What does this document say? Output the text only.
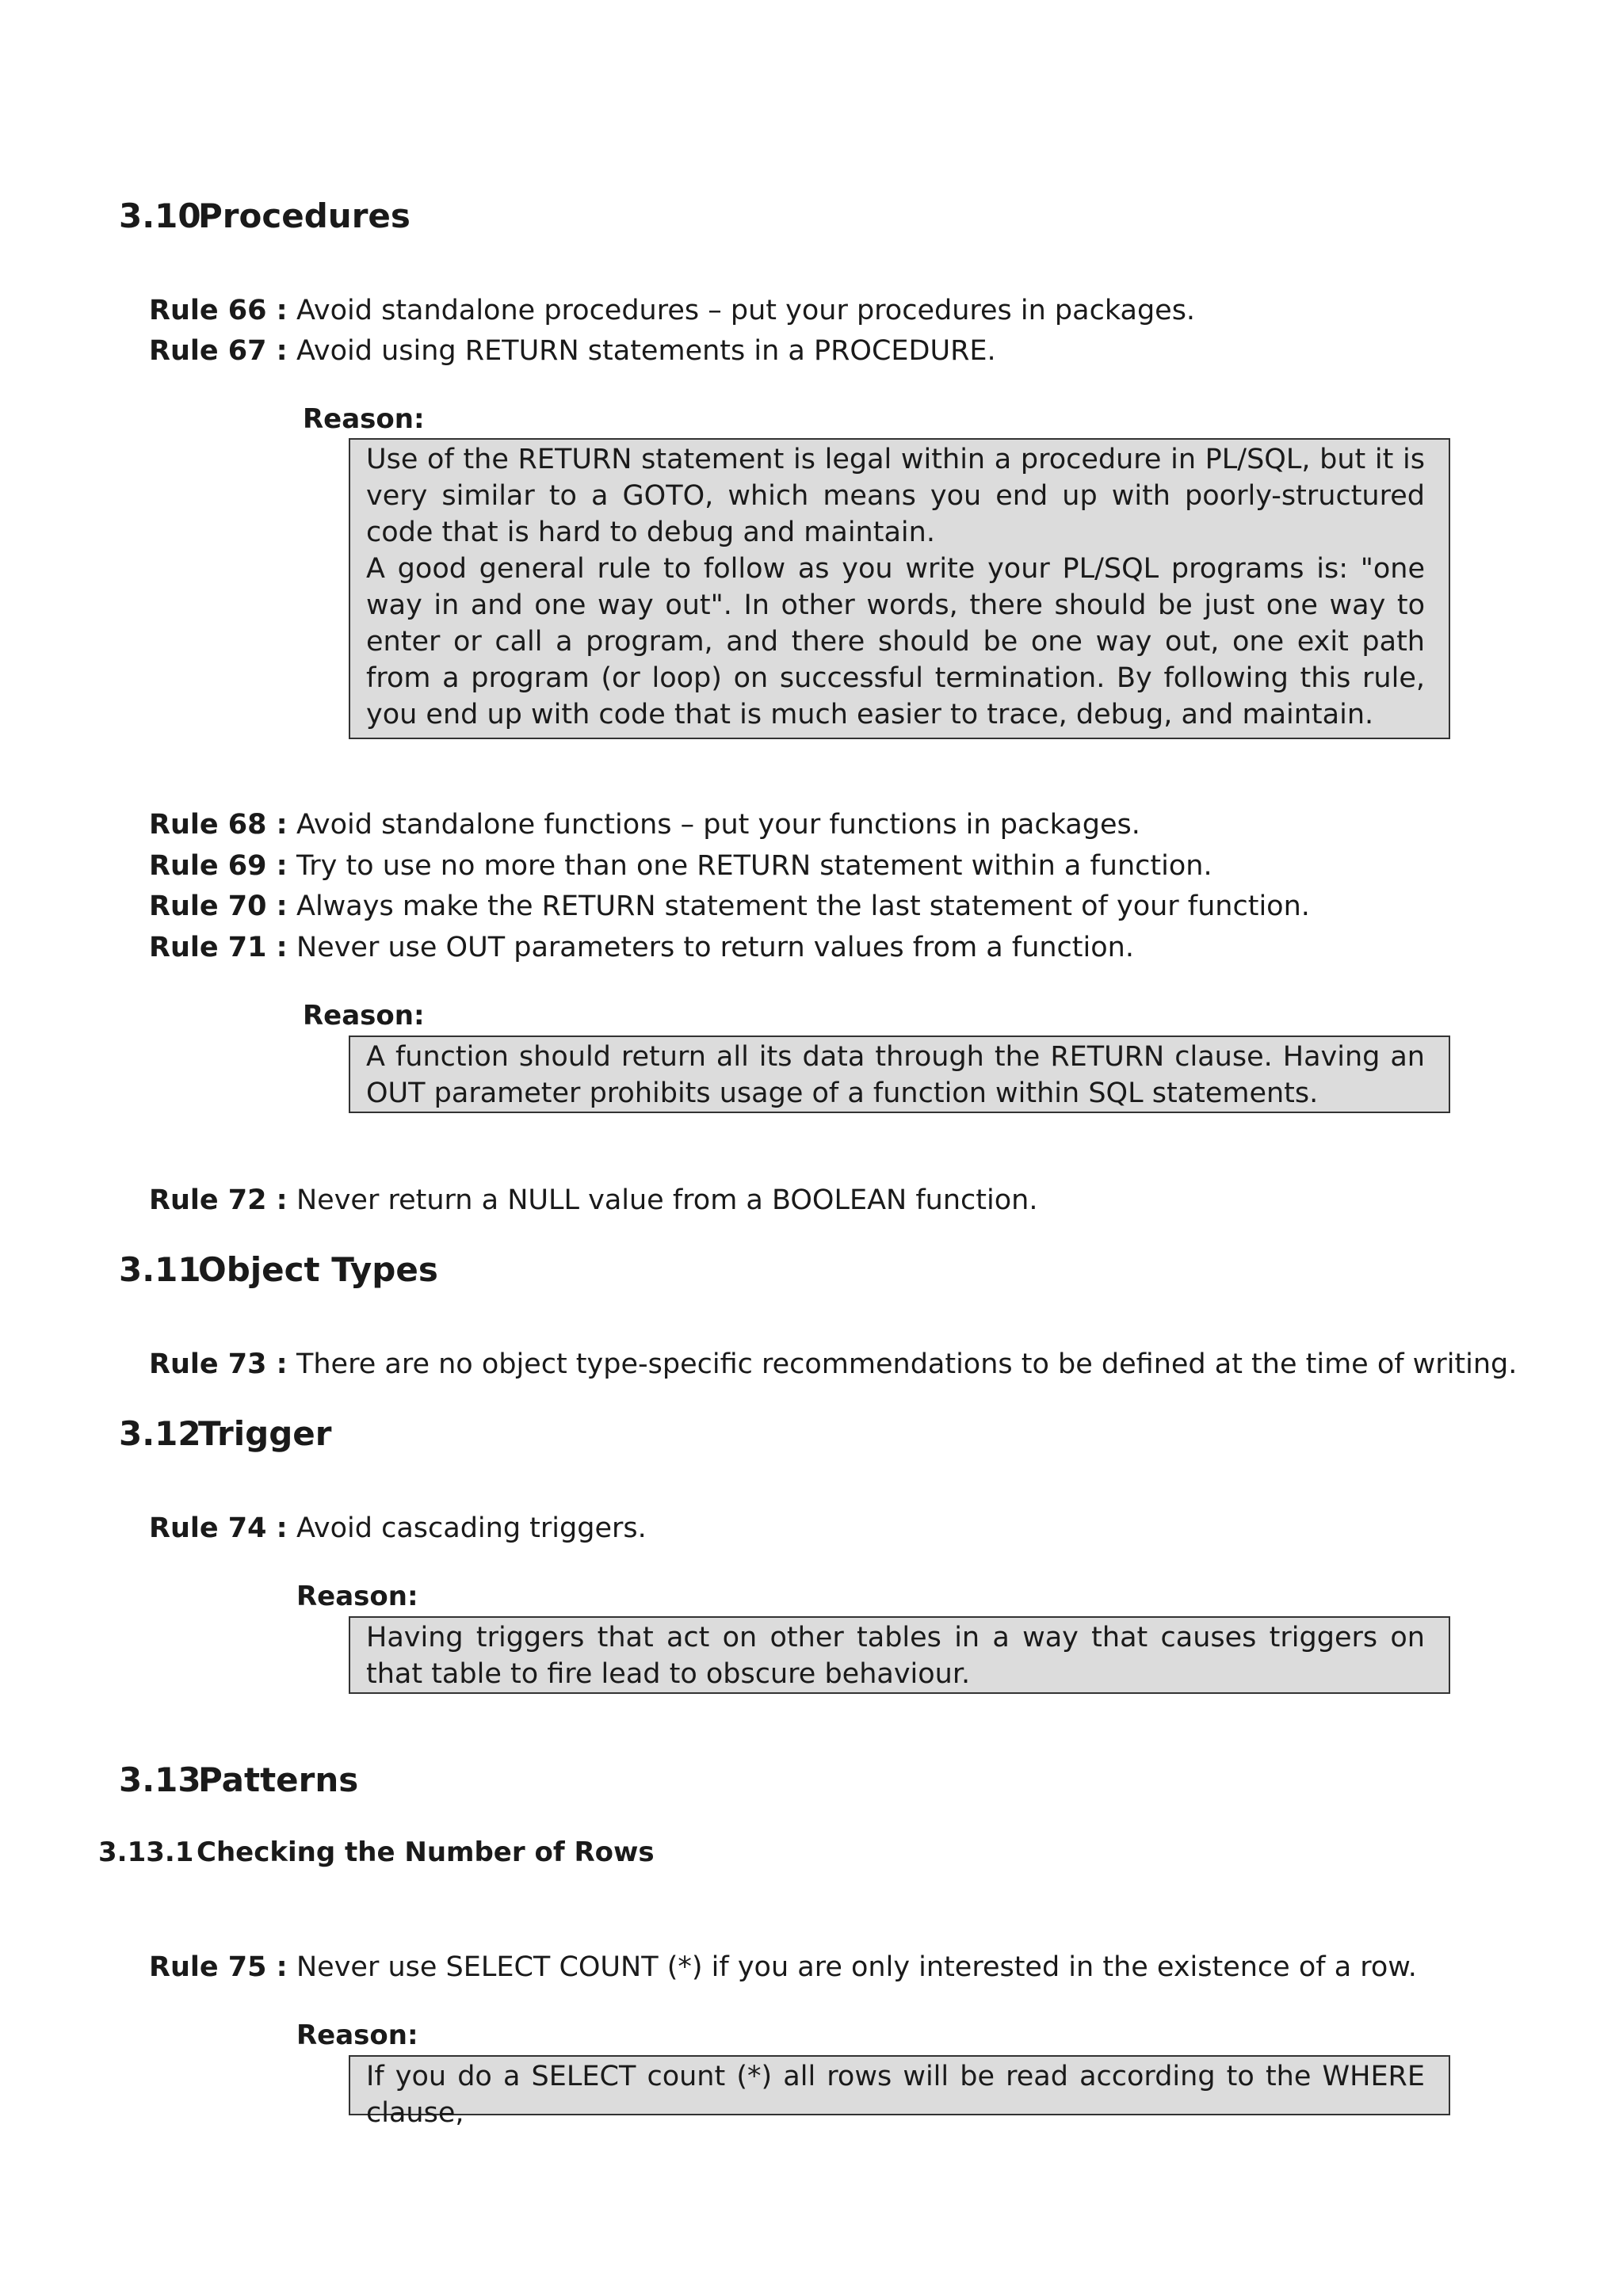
3.10Procedures
Rule 66 : Avoid standalone procedures – put your procedures in packages.
Rule 67 : Avoid using RETURN statements in a PROCEDURE.
Reason:

Use of the RETURN statement is legal within a procedure in PL/SQL, but it is very similar to a GOTO, which means you end up with poorly-structured code that is hard to debug and maintain.

A good general rule to follow as you write your PL/SQL programs is: "one way in and one way out". In other words, there should be just one way to enter or call a program, and there should be one way out, one exit path from a program (or loop) on successful termination. By following this rule, you end up with code that is much easier to trace, debug, and maintain.

Rule 68 : Avoid standalone functions – put your functions in packages.
Rule 69 : Try to use no more than one RETURN statement within a function.
Rule 70 : Always make the RETURN statement the last statement of your function.
Rule 71 : Never use OUT parameters to return values from a function.
Reason:

A function should return all its data through the RETURN clause. Having an OUT parameter prohibits usage of a function within SQL statements.

Rule 72 : Never return a NULL value from a BOOLEAN function.
3.11Object Types
Rule 73 : There are no object type-specific recommendations to be defined at the time of writing.
3.12Trigger
Rule 74 : Avoid cascading triggers.
Reason:

Having triggers that act on other tables in a way that causes triggers on that table to fire lead to obscure behaviour.

3.13Patterns
3.13.1 Checking the Number of Rows
Rule 75 : Never use SELECT COUNT (*) if you are only interested in the existence of a row.
Reason:

If you do a SELECT count (*) all rows will be read according to the WHERE clause,
